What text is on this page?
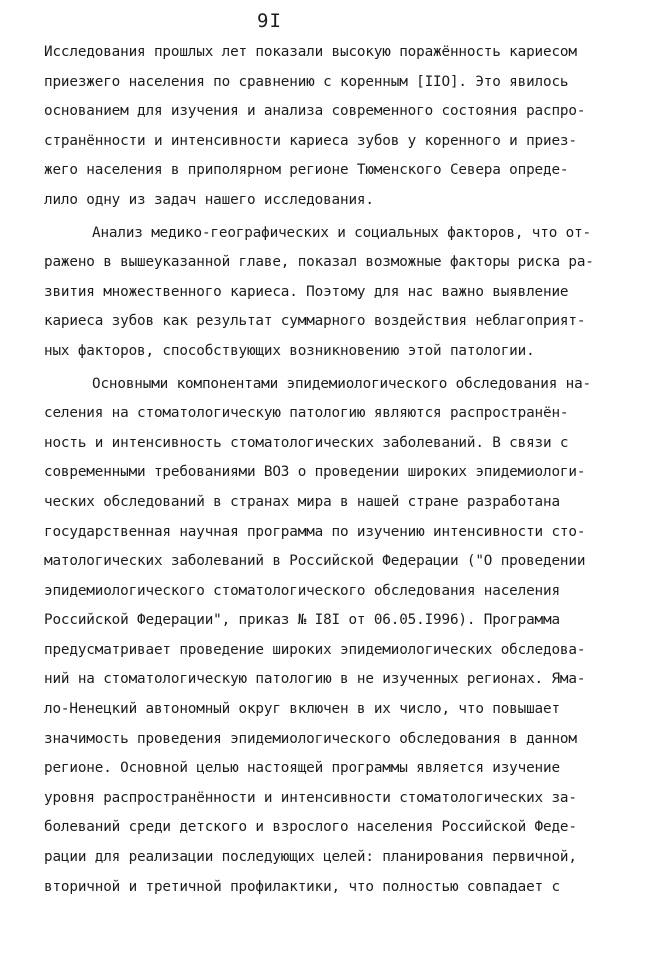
9I
Исследования прошлых лет показали высокую поражённость кариесом
приезжего населения по сравнению с коренным [IIO]. Это явилось
основанием для изучения и анализа современного состояния распро-
странённости и интенсивности кариеса зубов у коренного и приез-
жего населения в приполярном регионе Тюменского Севера опреде-
лило одну из задач нашего исследования.
Анализ медико-географических и социальных факторов, что от-
ражено в вышеуказанной главе, показал возможные факторы риска ра-
звития множественного кариеса. Поэтому для нас важно выявление
кариеса зубов как результат суммарного воздействия неблагоприят-
ных факторов, способствующих возникновению этой патологии.
Основными компонентами эпидемиологического обследования на-
селения на стоматологическую патологию являются распространён-
ность и интенсивность стоматологических заболеваний. В связи с
современными требованиями ВОЗ о проведении широких эпидемиологи-
ческих обследований в странах мира в нашей стране разработана
государственная научная программа по изучению интенсивности сто-
матологических заболеваний в Российской Федерации ("О проведении
эпидемиологического стоматологического обследования населения
Российской Федерации", приказ № I8I от 06.05.I996). Программа
предусматривает проведение широких эпидемиологических обследова-
ний на стоматологическую патологию в не изученных регионах. Яма-
ло-Ненецкий автономный округ включен в их число, что повышает
значимость проведения эпидемиологического обследования в данном
регионе. Основной целью настоящей программы является изучение
уровня распространённости и интенсивности стоматологических за-
болеваний среди детского и взрослого населения Российской Феде-
рации для реализации последующих целей: планирования первичной,
вторичной и третичной профилактики, что полностью совпадает с
